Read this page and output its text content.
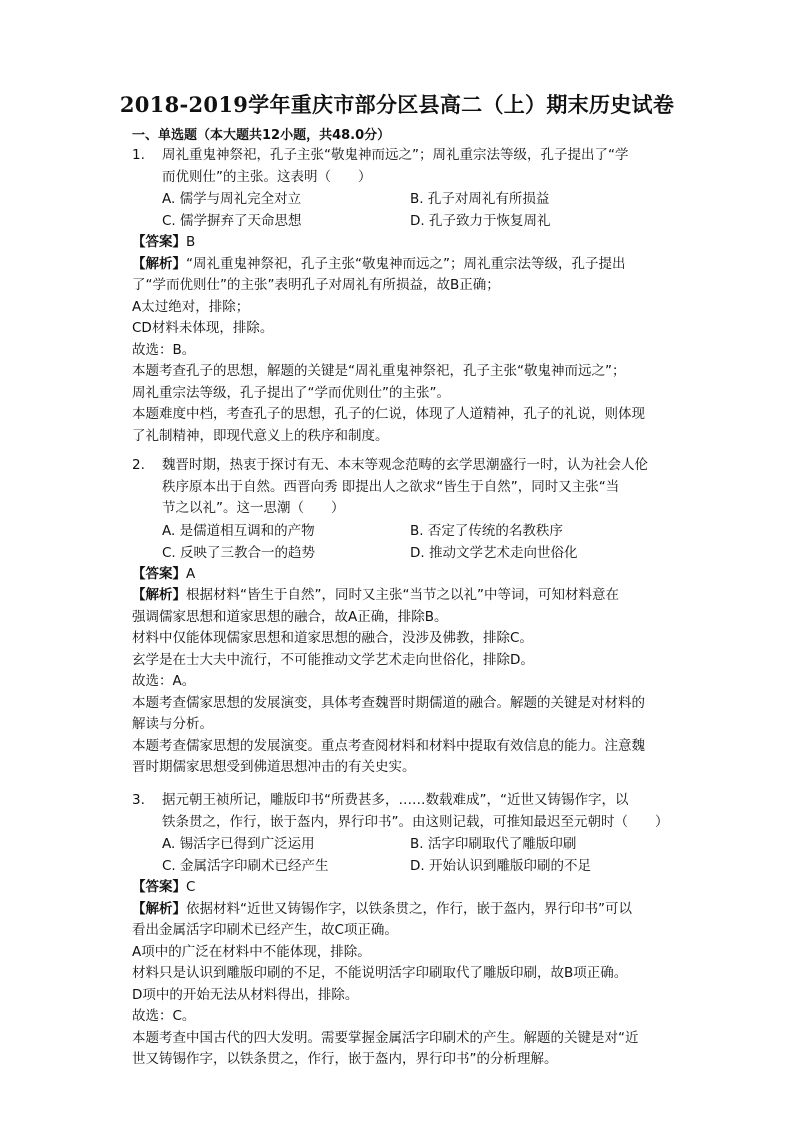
2018-2019学年重庆市部分区县高二（上）期末历史试卷
一、单选题（本大题共12小题，共48.0分）
1. 周礼重鬼神祭祀，孔子主张“敬鬼神而远之”；周礼重宗法等级，孔子提出了“学
而优则仕”的主张。这表明（　　）
A. 儒学与周礼完全对立	B. 孔子对周礼有所损益
C. 儒学摒弃了天命思想	D. 孔子致力于恢复周礼
【答案】B
【解析】“周礼重鬼神祭祀，孔子主张“敬鬼神而远之”；周礼重宗法等级，孔子提出
了“学而优则仕”的主张”表明孔子对周礼有所损益，故B正确；
A太过绝对，排除；
CD材料未体现，排除。
故选：B。
本题考查孔子的思想，解题的关键是“周礼重鬼神祭祀，孔子主张“敬鬼神而远之”；
周礼重宗法等级，孔子提出了“学而优则仕”的主张”。
本题难度中档，考查孔子的思想，孔子的仁说，体现了人道精神，孔子的礼说，则体现
了礼制精神，即现代意义上的秩序和制度。
2. 魏晋时期，热衷于探讨有无、本末等观念范畴的玄学思潮盛行一时，认为社会人伦
秩序原本出于自然。西晋向秀 即提出人之欲求“皆生于自然”，同时又主张“当
节之以礼”。这一思潮（　　）
A. 是儒道相互调和的产物	B. 否定了传统的名教秩序
C. 反映了三教合一的趋势	D. 推动文学艺术走向世俗化
【答案】A
【解析】根据材料“皆生于自然”，同时又主张“当节之以礼”中等词，可知材料意在
强调儒家思想和道家思想的融合，故A正确，排除B。
材料中仅能体现儒家思想和道家思想的融合，没涉及佛教，排除C。
玄学是在士大夫中流行，不可能推动文学艺术走向世俗化，排除D。
故选：A。
本题考查儒家思想的发展演变，具体考查魏晋时期儒道的融合。解题的关键是对材料的
解读与分析。
本题考查儒家思想的发展演变。重点考查阅材料和材料中提取有效信息的能力。注意魏
晋时期儒家思想受到佛道思想冲击的有关史实。
3. 据元朝王祯所记，雕版印书“所费甚多，……数载难成”，“近世又铸锡作字，以
铁条贯之，作行，嵌于盔内，界行印书”。由这则记载，可推知最迟至元朝时（　　）
A. 锡活字已得到广泛运用	B. 活字印刷取代了雕版印刷
C. 金属活字印刷术已经产生	D. 开始认识到雕版印刷的不足
【答案】C
【解析】依据材料“近世又铸锡作字，以铁条贯之，作行，嵌于盔内，界行印书”可以
看出金属活字印刷术已经产生，故C项正确。
A项中的广泛在材料中不能体现，排除。
材料只是认识到雕版印刷的不足，不能说明活字印刷取代了雕版印刷，故B项正确。
D项中的开始无法从材料得出，排除。
故选：C。
本题考查中国古代的四大发明。需要掌握金属活字印刷术的产生。解题的关键是对“近
世又铸锡作字，以铁条贯之，作行，嵌于盔内，界行印书”的分析理解。
